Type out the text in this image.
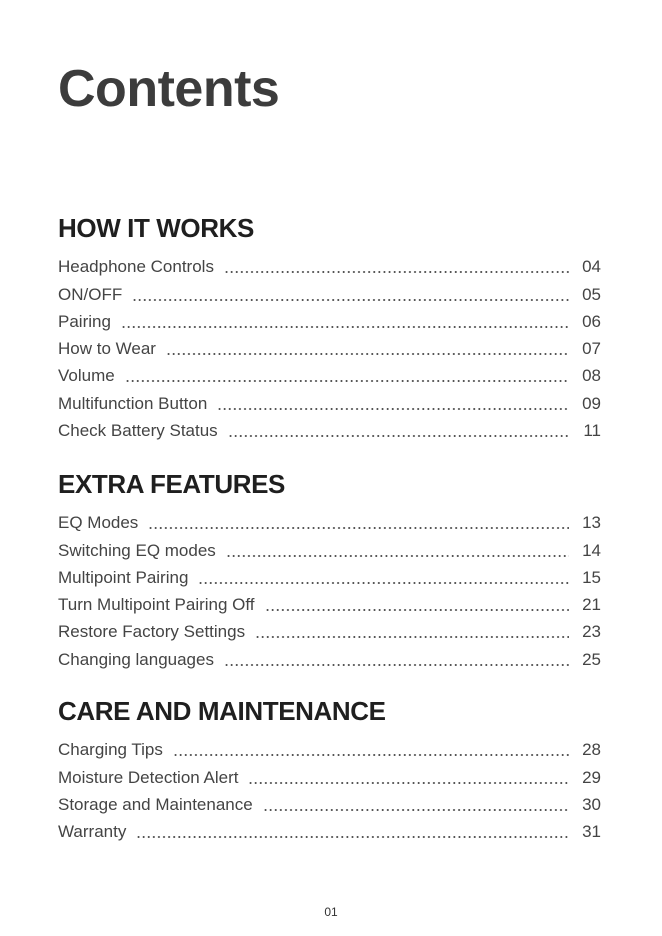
Contents
HOW IT WORKS
Headphone Controls	04
ON/OFF	05
Pairing	06
How to Wear	07
Volume	08
Multifunction Button	09
Check Battery Status	11
EXTRA FEATURES
EQ Modes	13
Switching EQ modes	14
Multipoint Pairing	15
Turn Multipoint Pairing Off	21
Restore Factory Settings	23
Changing languages	25
CARE AND MAINTENANCE
Charging Tips	28
Moisture Detection Alert	29
Storage and Maintenance	30
Warranty	31
01
